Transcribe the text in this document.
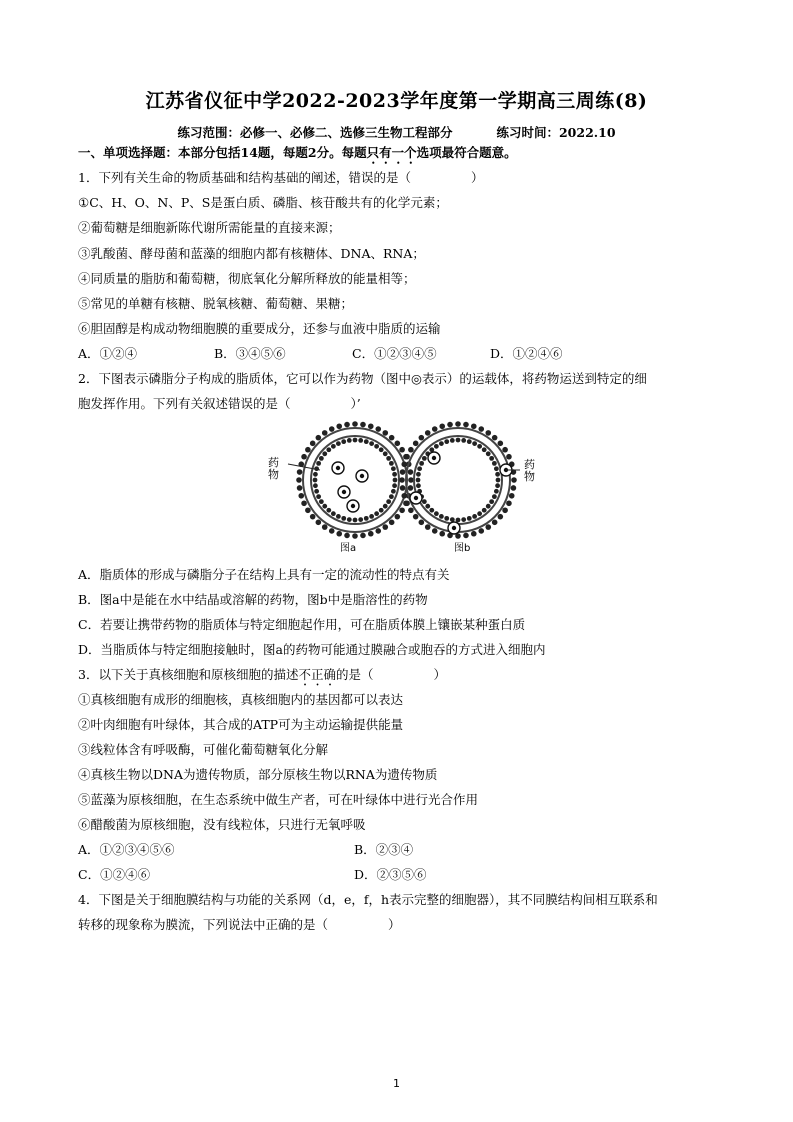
江苏省仪征中学2022-2023学年度第一学期高三周练(8)
练习范围：必修一、必修二、选修三生物工程部分	练习时间：2022.10
一、单项选择题：本部分包括14题，每题2分。每题只有一个选项最符合题意。
1．下列有关生命的物质基础和结构基础的阐述，错误的是（	）
①C、H、O、N、P、S是蛋白质、磷脂、核苷酸共有的化学元素；
②葡萄糖是细胞新陈代谢所需能量的直接来源；
③乳酸菌、酵母菌和蓝藻的细胞内都有核糖体、DNA、RNA；
④同质量的脂肪和葡萄糖，彻底氧化分解所释放的能量相等；
⑤常见的单糖有核糖、脱氧核糖、葡萄糖、果糖；
⑥胆固醇是构成动物细胞膜的重要成分，还参与血液中脂质的运输
A．①②④	B．③④⑤⑥	C．①②③④⑤	D．①②④⑥
2．下图表示磷脂分子构成的脂质体，它可以作为药物（图中◎表示）的运载体，将药物运送到特定的细
胞发挥作用。下列有关叙述错误的是（	）’
药物
药物
图a	图b
A．脂质体的形成与磷脂分子在结构上具有一定的流动性的特点有关
B．图a中是能在水中结晶或溶解的药物，图b中是脂溶性的药物
C．若要让携带药物的脂质体与特定细胞起作用，可在脂质体膜上镶嵌某种蛋白质
D．当脂质体与特定细胞接触时，图a的药物可能通过膜融合或胞吞的方式进入细胞内
3．以下关于真核细胞和原核细胞的描述不正确的是（	）
①真核细胞有成形的细胞核，真核细胞内的基因都可以表达
②叶肉细胞有叶绿体，其合成的ATP可为主动运输提供能量
③线粒体含有呼吸酶，可催化葡萄糖氧化分解
④真核生物以DNA为遗传物质，部分原核生物以RNA为遗传物质
⑤蓝藻为原核细胞，在生态系统中做生产者，可在叶绿体中进行光合作用
⑥醋酸菌为原核细胞，没有线粒体，只进行无氧呼吸
A．①②③④⑤⑥	B．②③④
C．①②④⑥	D．②③⑤⑥
4．下图是关于细胞膜结构与功能的关系网（d，e，f，h表示完整的细胞器），其不同膜结构间相互联系和
转移的现象称为膜流，下列说法中正确的是（	）
1
